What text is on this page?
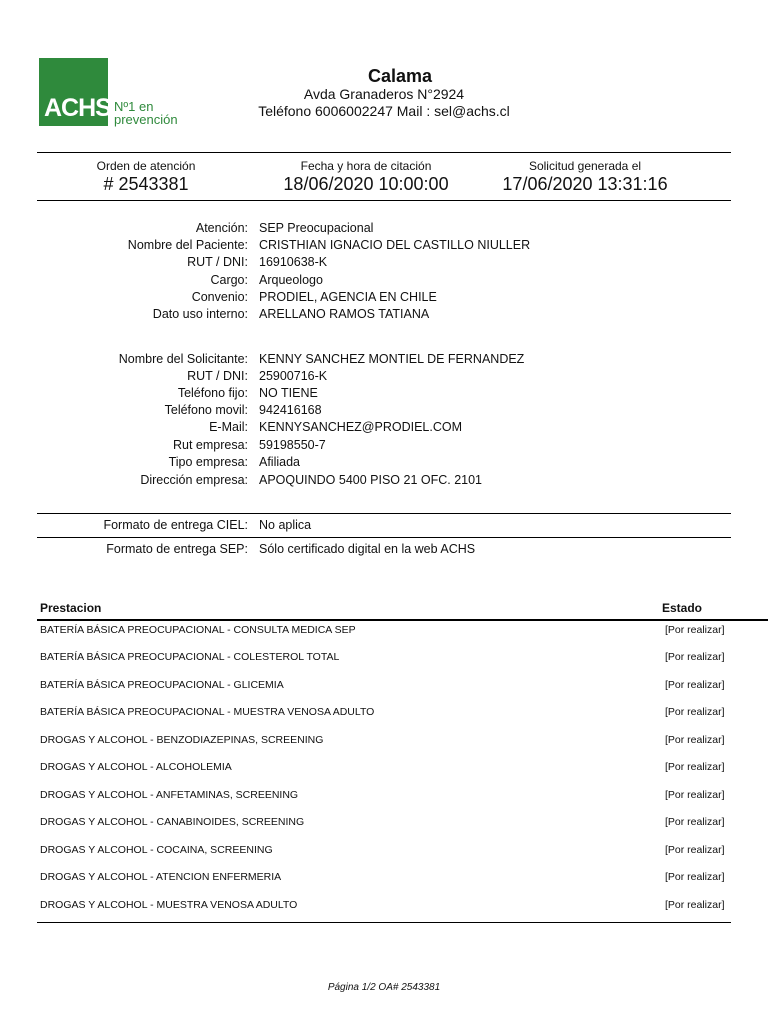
ACHS Nº1 en
prevención
Calama
Avda Granaderos N°2924
Teléfono 6006002247 Mail : sel@achs.cl
Orden de atención
# 2543381
Fecha y hora de citación
18/06/2020 10:00:00
Solicitud generada el
17/06/2020 13:31:16
Atención: SEP Preocupacional
Nombre del Paciente: CRISTHIAN IGNACIO DEL CASTILLO NIULLER
RUT / DNI: 16910638-K
Cargo: Arqueologo
Convenio: PRODIEL, AGENCIA EN CHILE
Dato uso interno: ARELLANO RAMOS TATIANA
Nombre del Solicitante: KENNY SANCHEZ MONTIEL DE FERNANDEZ
RUT / DNI: 25900716-K
Teléfono fijo: NO TIENE
Teléfono movil: 942416168
E-Mail: KENNYSANCHEZ@PRODIEL.COM
Rut empresa: 59198550-7
Tipo empresa: Afiliada
Dirección empresa: APOQUINDO 5400 PISO 21 OFC. 2101
Formato de entrega CIEL: No aplica
Formato de entrega SEP: Sólo certificado digital en la web ACHS
Prestacion	Estado
BATERÍA BÁSICA PREOCUPACIONAL - CONSULTA MEDICA SEP	[Por realizar]
BATERÍA BÁSICA PREOCUPACIONAL - COLESTEROL TOTAL	[Por realizar]
BATERÍA BÁSICA PREOCUPACIONAL - GLICEMIA	[Por realizar]
BATERÍA BÁSICA PREOCUPACIONAL - MUESTRA VENOSA ADULTO	[Por realizar]
DROGAS Y ALCOHOL - BENZODIAZEPINAS, SCREENING	[Por realizar]
DROGAS Y ALCOHOL - ALCOHOLEMIA	[Por realizar]
DROGAS Y ALCOHOL - ANFETAMINAS, SCREENING	[Por realizar]
DROGAS Y ALCOHOL - CANABINOIDES, SCREENING	[Por realizar]
DROGAS Y ALCOHOL - COCAINA, SCREENING	[Por realizar]
DROGAS Y ALCOHOL - ATENCION ENFERMERIA	[Por realizar]
DROGAS Y ALCOHOL - MUESTRA VENOSA ADULTO	[Por realizar]
Página 1/2 OA# 2543381
